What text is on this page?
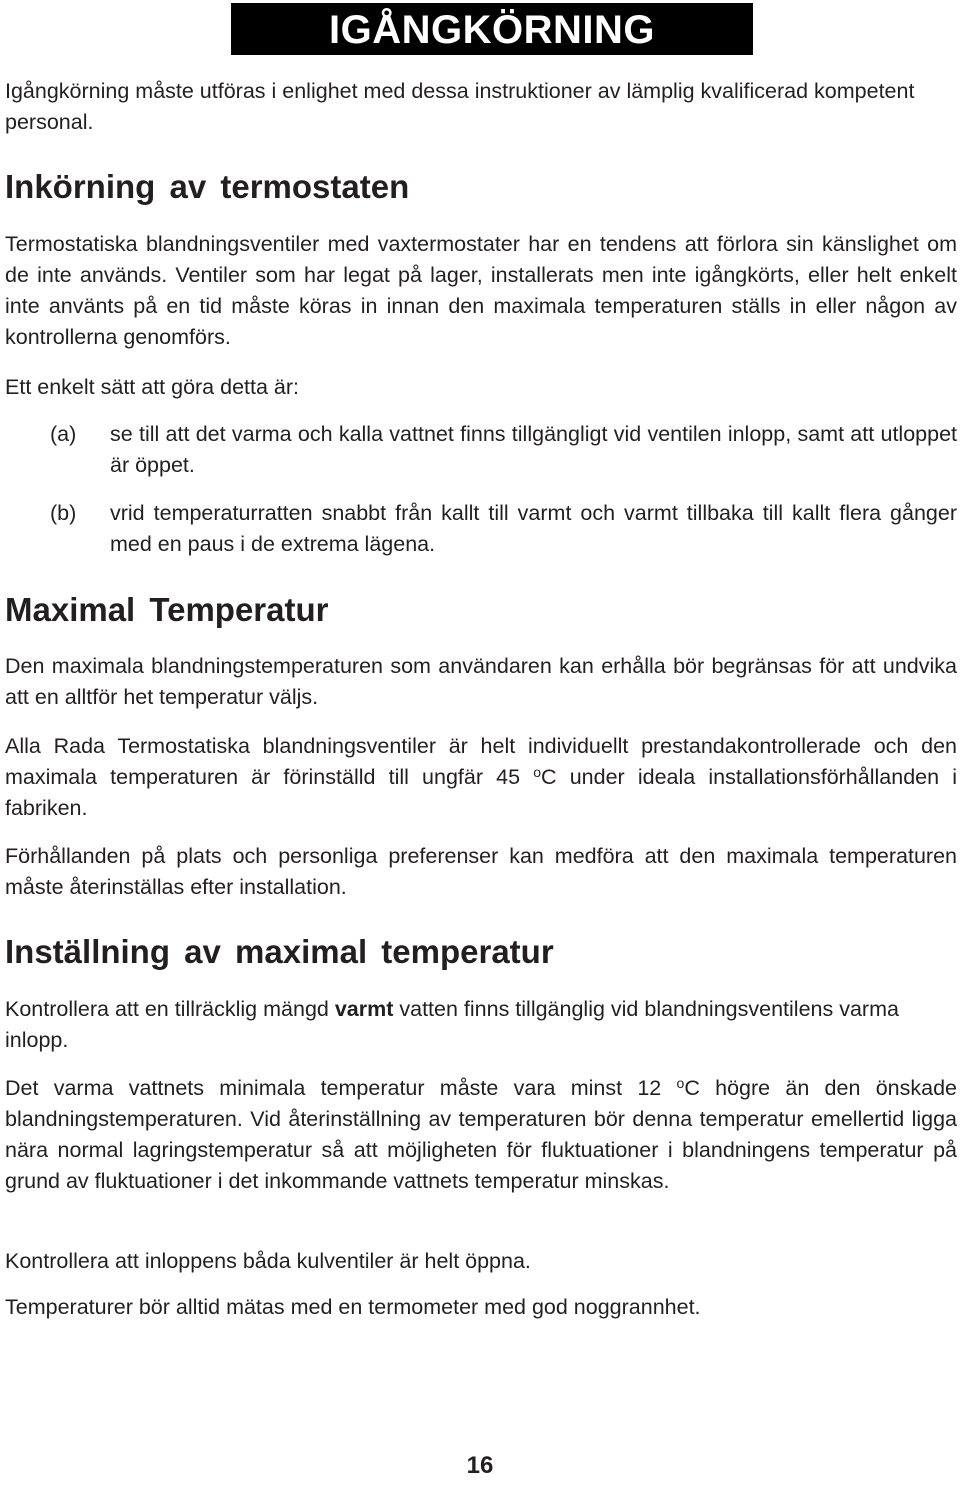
IGÅNGKÖRNING

Igångkörning måste utföras i enlighet med dessa instruktioner av lämplig kvalificerad kompetent personal.

Inkörning av termostaten

Termostatiska blandningsventiler med vaxtermostater har en tendens att förlora sin känslighet om de inte används. Ventiler som har legat på lager, installerats men inte igångkörts, eller helt enkelt inte använts på en tid måste köras in innan den maximala temperaturen ställs in eller någon av kontrollerna genomförs.

Ett enkelt sätt att göra detta är:

(a)	se till att det varma och kalla vattnet finns tillgängligt vid ventilen inlopp, samt att utloppet är öppet.
(b)	vrid temperaturratten snabbt från kallt till varmt och varmt tillbaka till kallt flera gånger med en paus i de extrema lägena.
Maximal Temperatur

Den maximala blandningstemperaturen som användaren kan erhålla bör begränsas för att undvika att en alltför het temperatur väljs.

Alla Rada Termostatiska blandningsventiler är helt individuellt prestandakontrollerade och den maximala temperaturen är förinställd till ungfär 45 $^o$C under ideala installationsförhållanden i fabriken.

Förhållanden på plats och personliga preferenser kan medföra att den maximala temperaturen måste återinställas efter installation.

Inställning av maximal temperatur

Kontrollera att en tillräcklig mängd varmt vatten finns tillgänglig vid blandningsventilens varma inlopp.

Det varma vattnets minimala temperatur måste vara minst 12 $^o$C högre än den önskade blandningstemperaturen. Vid återinställning av temperaturen bör denna temperatur emellertid ligga nära normal lagringstemperatur så att möjligheten för fluktuationer i blandningens temperatur på grund av fluktuationer i det inkommande vattnets temperatur minskas.

Kontrollera att inloppens båda kulventiler är helt öppna.

Temperaturer bör alltid mätas med en termometer med god noggrannhet.

16
